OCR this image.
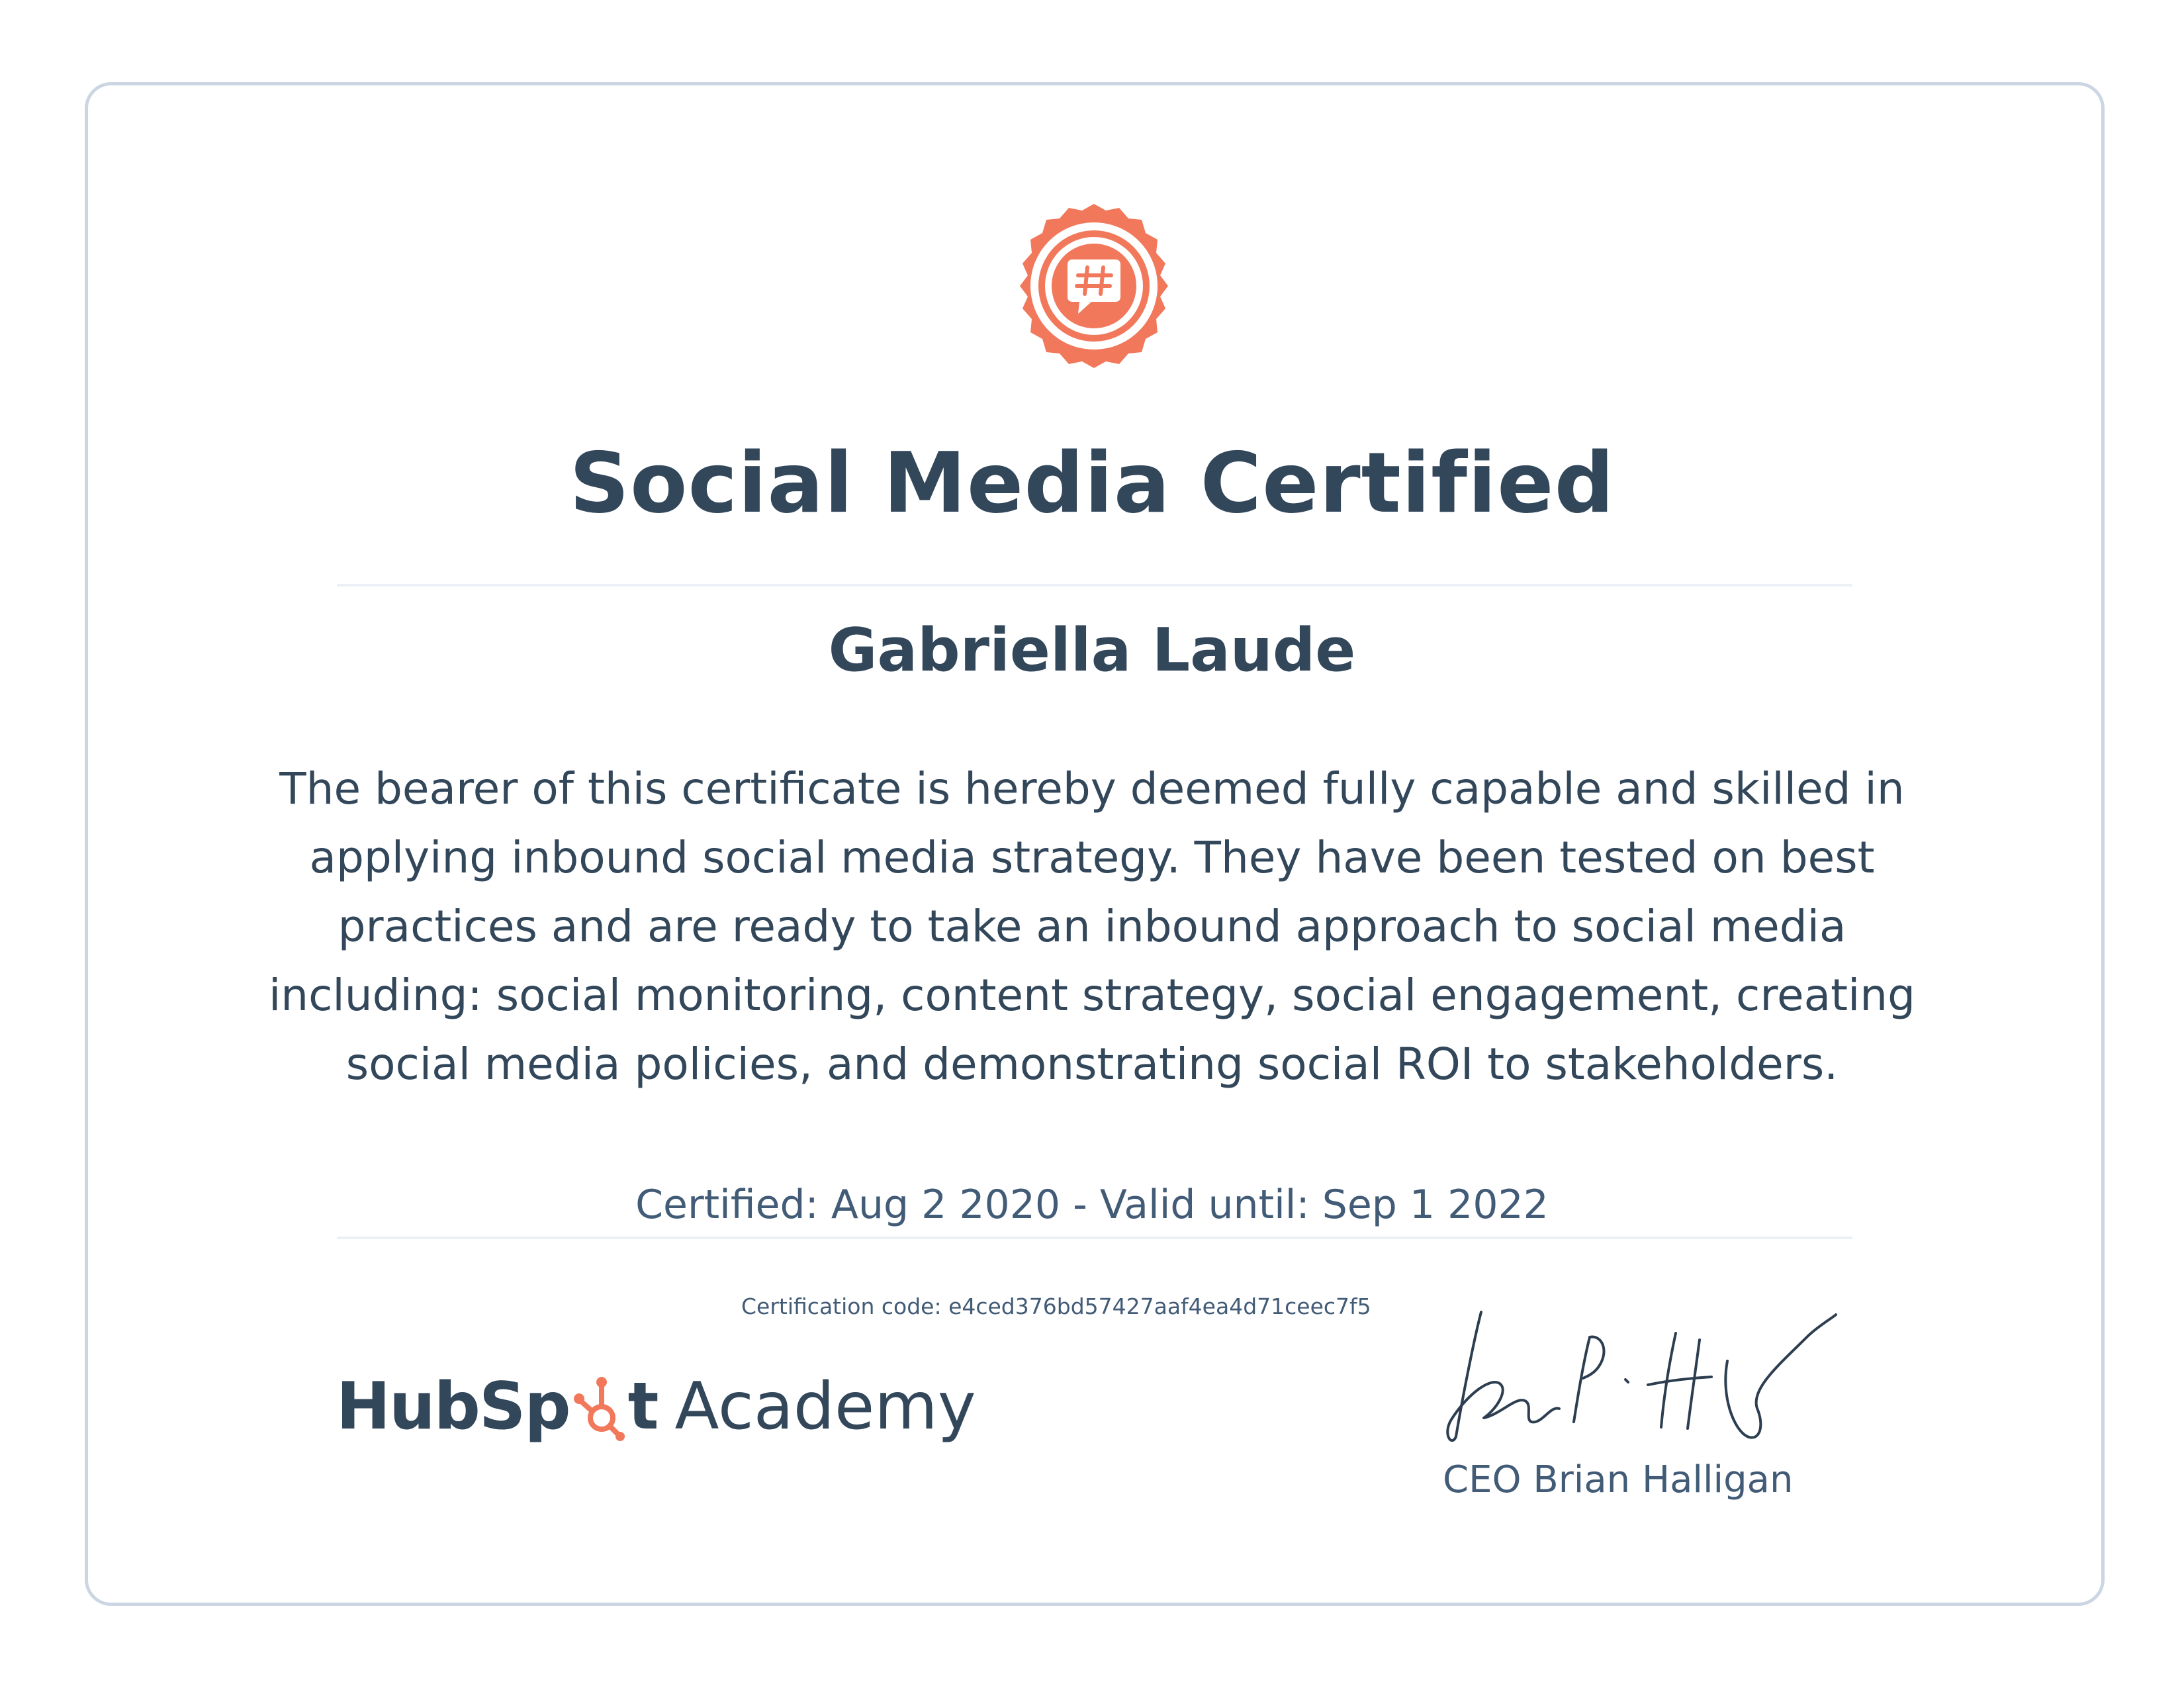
Social Media Certified
Gabriella Laude
The bearer of this certificate is hereby deemed fully capable and skilled in applying inbound social media strategy. They have been tested on best practices and are ready to take an inbound approach to social media including: social monitoring, content strategy, social engagement, creating social media policies, and demonstrating social ROI to stakeholders.
Certified: Aug 2 2020 - Valid until: Sep 1 2022
Certification code: e4ced376bd57427aaf4ea4d71ceec7f5
HubSp t Academy
CEO Brian Halligan
